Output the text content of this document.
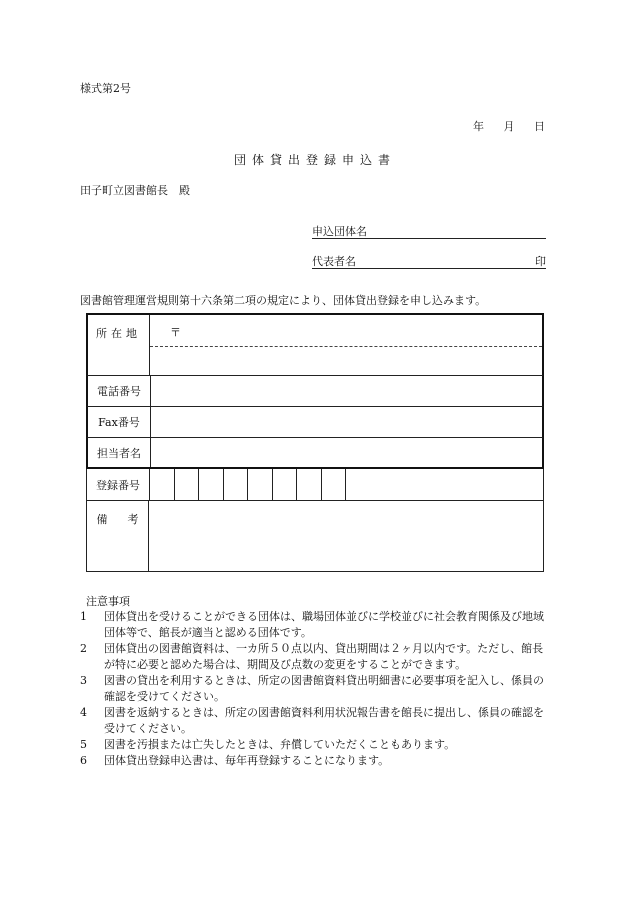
様式第2号
年 月 日
団体貸出登録申込書
田子町立図書館長　殿
申込団体名
代表者名	印
図書館管理運営規則第十六条第二項の規定により、団体貸出登録を申し込みます。
所在地	〒
電話番号
Fax番号
担当者名
登録番号
備考
注意事項
1	団体貸出を受けることができる団体は、職場団体並びに学校並びに社会教育関係及び地域団体等で、館長が適当と認める団体です。
2	団体貸出の図書館資料は、一カ所５０点以内、貸出期間は２ヶ月以内です。ただし、館長が特に必要と認めた場合は、期間及び点数の変更をすることができます。
3	図書の貸出を利用するときは、所定の図書館資料貸出明細書に必要事項を記入し、係員の確認を受けてください。
4	図書を返納するときは、所定の図書館資料利用状況報告書を館長に提出し、係員の確認を受けてください。
5	図書を汚損または亡失したときは、弁償していただくこともあります。
6	団体貸出登録申込書は、毎年再登録することになります。
